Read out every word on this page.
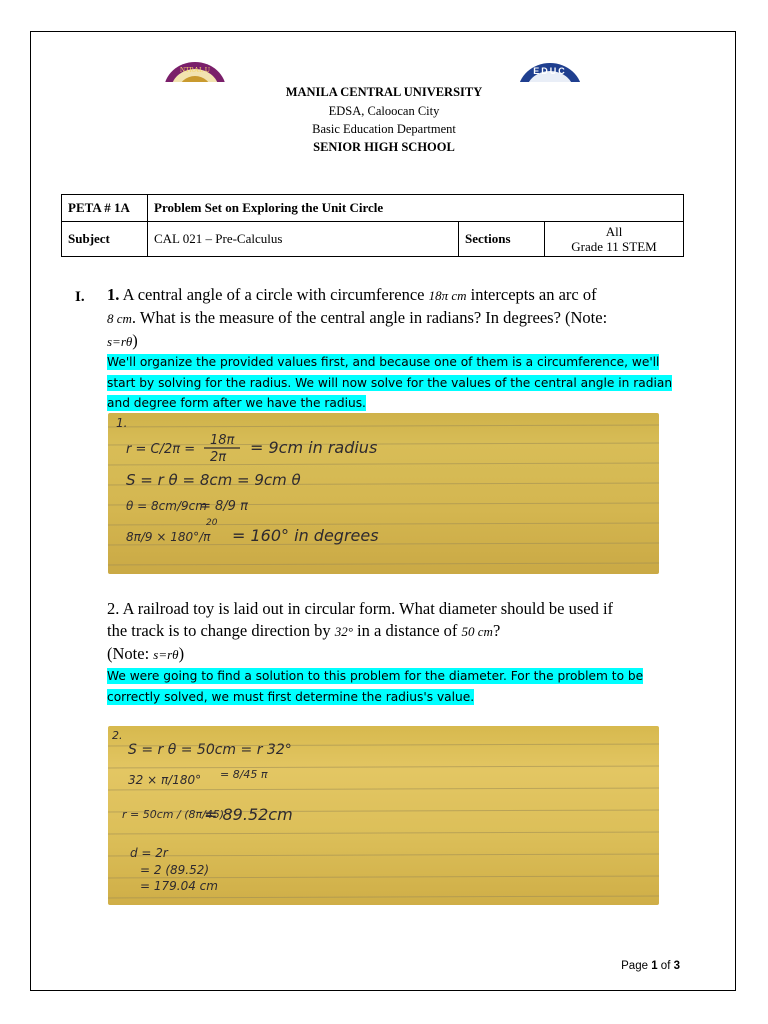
NTRAL U	EDUC
MANILA CENTRAL UNIVERSITY
EDSA, Caloocan City
Basic Education Department
SENIOR HIGH SCHOOL
PETA # 1A	Problem Set on Exploring the Unit Circle		
Subject	CAL 021 – Pre-Calculus	Sections	All
Grade 11 STEM
I. 1. A central angle of a circle with circumference 18π cm intercepts an arc of
8 cm. What is the measure of the central angle in radians? In degrees? (Note:
s=rθ)
We'll organize the provided values first, and because one of them is a circumference, we'll start by solving for the radius. We will now solve for the values of the central angle in radian and degree form after we have the radius.
1.
r = C/2π =
18π
2π
= 9cm in radius
S = r θ = 8cm = 9cm θ
θ = 8cm/9cm
= 8/9 π
8π/9 × 180°/π
20
= 160° in degrees
2. A railroad toy is laid out in circular form. What diameter should be used if
the track is to change direction by 32° in a distance of 50 cm?
(Note: s=rθ)
We were going to find a solution to this problem for the diameter. For the problem to be correctly solved, we must first determine the radius's value.
2.
S = r θ = 50cm = r 32°
32 × π/180° = 8/45 π
r = 50cm / (8π/45)
= 89.52cm
d = 2r
= 2 (89.52)
= 179.04 cm
Page 1 of 3
